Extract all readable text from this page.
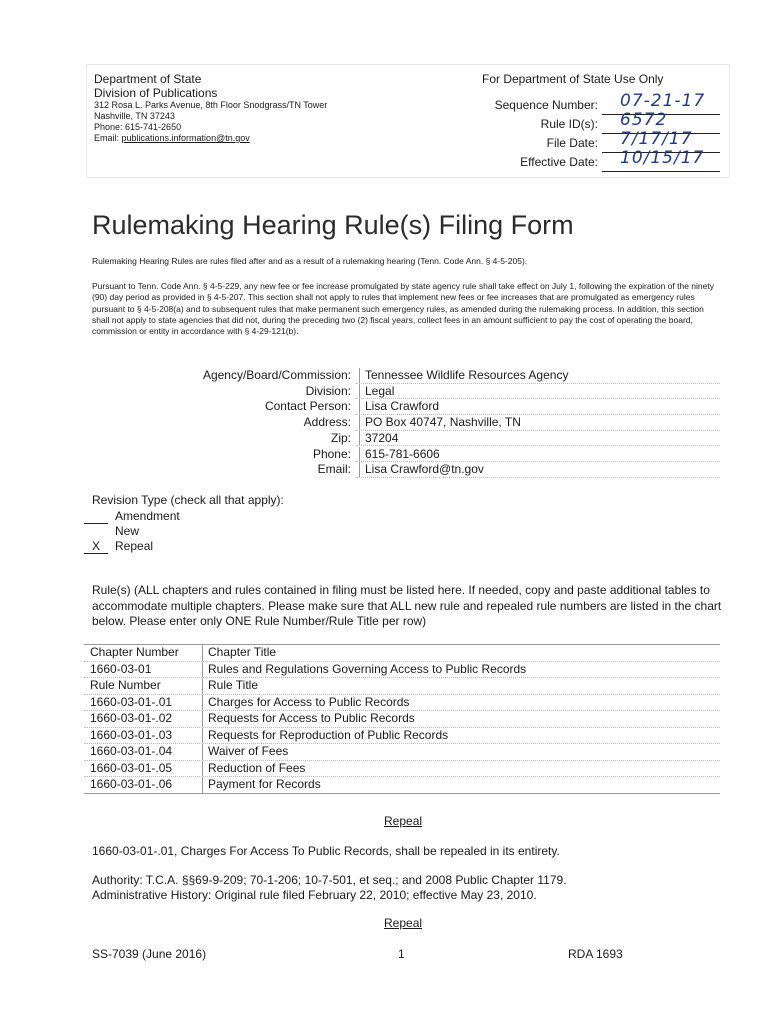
Department of State
Division of Publications
312 Rosa L. Parks Avenue, 8th Floor Snodgrass/TN Tower
Nashville, TN 37243
Phone: 615-741-2650
Email: publications.information@tn.gov
For Department of State Use Only
Sequence Number: 07-21-17
Rule ID(s): 6572
File Date: 7/17/17
Effective Date: 10/15/17
Rulemaking Hearing Rule(s) Filing Form
Rulemaking Hearing Rules are rules filed after and as a result of a rulemaking hearing (Tenn. Code Ann. § 4-5-205).
Pursuant to Tenn. Code Ann. § 4-5-229, any new fee or fee increase promulgated by state agency rule shall take effect on July 1, following the expiration of the ninety (90) day period as provided in § 4-5-207. This section shall not apply to rules that implement new fees or fee increases that are promulgated as emergency rules pursuant to § 4-5-208(a) and to subsequent rules that make permanent such emergency rules, as amended during the rulemaking process. In addition, this section shall not apply to state agencies that did not, during the preceding two (2) fiscal years, collect fees in an amount sufficient to pay the cost of operating the board, commission or entity in accordance with § 4-29-121(b).
Agency/Board/Commission:	Tennessee Wildlife Resources Agency
Division:	Legal
Contact Person:	Lisa Crawford
Address:	PO Box 40747, Nashville, TN
Zip:	37204
Phone:	615-781-6606
Email:	Lisa Crawford@tn.gov
Revision Type (check all that apply):
Amendment
New
X	Repeal
Rule(s) (ALL chapters and rules contained in filing must be listed here. If needed, copy and paste additional tables to accommodate multiple chapters. Please make sure that ALL new rule and repealed rule numbers are listed in the chart below. Please enter only ONE Rule Number/Rule Title per row)
Chapter Number	Chapter Title
1660-03-01	Rules and Regulations Governing Access to Public Records
Rule Number	Rule Title
1660-03-01-.01	Charges for Access to Public Records
1660-03-01-.02	Requests for Access to Public Records
1660-03-01-.03	Requests for Reproduction of Public Records
1660-03-01-.04	Waiver of Fees
1660-03-01-.05	Reduction of Fees
1660-03-01-.06	Payment for Records
Repeal
1660-03-01-.01, Charges For Access To Public Records, shall be repealed in its entirety.
Authority: T.C.A. §§69-9-209; 70-1-206; 10-7-501, et seq.; and 2008 Public Chapter 1179.
Administrative History: Original rule filed February 22, 2010; effective May 23, 2010.
Repeal
SS-7039 (June 2016)	1	RDA 1693
